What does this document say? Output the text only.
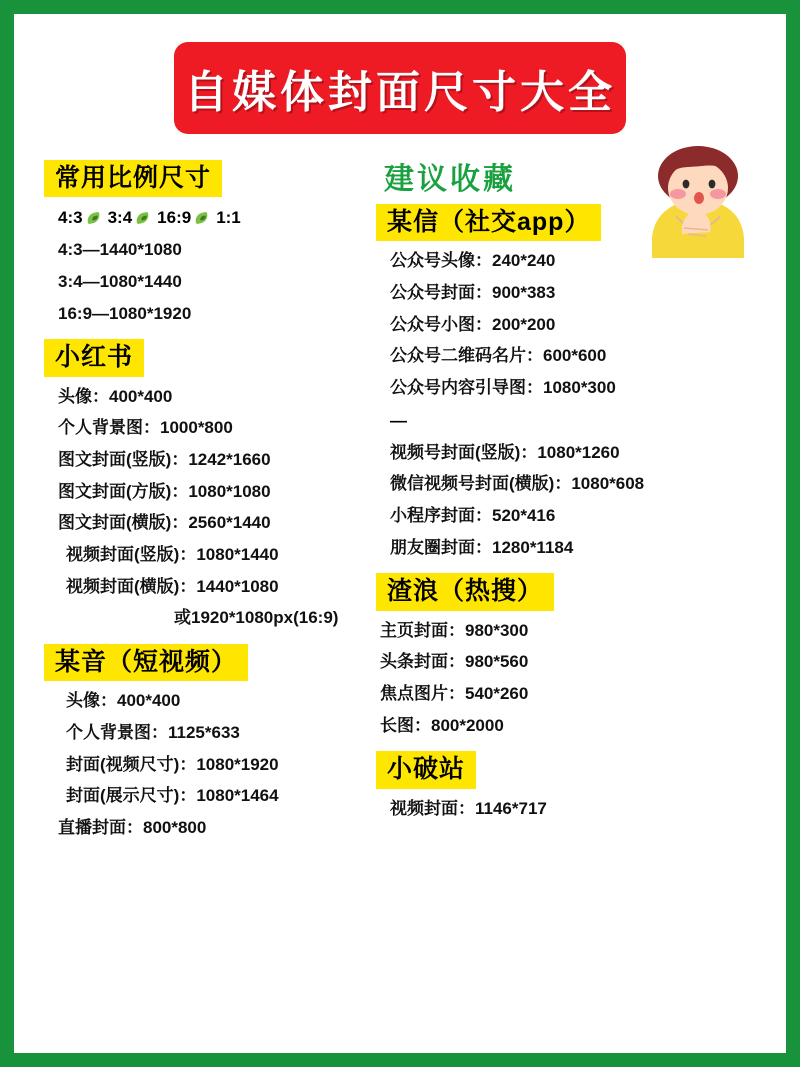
自媒体封面尺寸大全
常用比例尺寸
4:3 3:4 16:9 1:1
4:3—1440*1080
3:4—1080*1440
16:9—1080*1920
小红书
头像：400*400
个人背景图：1000*800
图文封面(竖版)：1242*1660
图文封面(方版)：1080*1080
图文封面(横版)：2560*1440
视频封面(竖版)：1080*1440
视频封面(横版)：1440*1080
或1920*1080px(16:9)
某音（短视频）
头像：400*400
个人背景图：1125*633
封面(视频尺寸)：1080*1920
封面(展示尺寸)：1080*1464
直播封面：800*800
建议收藏
某信（社交app）
公众号头像：240*240
公众号封面：900*383
公众号小图：200*200
公众号二维码名片：600*600
公众号内容引导图：1080*300
—
视频号封面(竖版)：1080*1260
微信视频号封面(横版)：1080*608
小程序封面：520*416
朋友圈封面：1280*1184
渣浪（热搜）
主页封面：980*300
头条封面：980*560
焦点图片：540*260
长图：800*2000
小破站
视频封面：1146*717
